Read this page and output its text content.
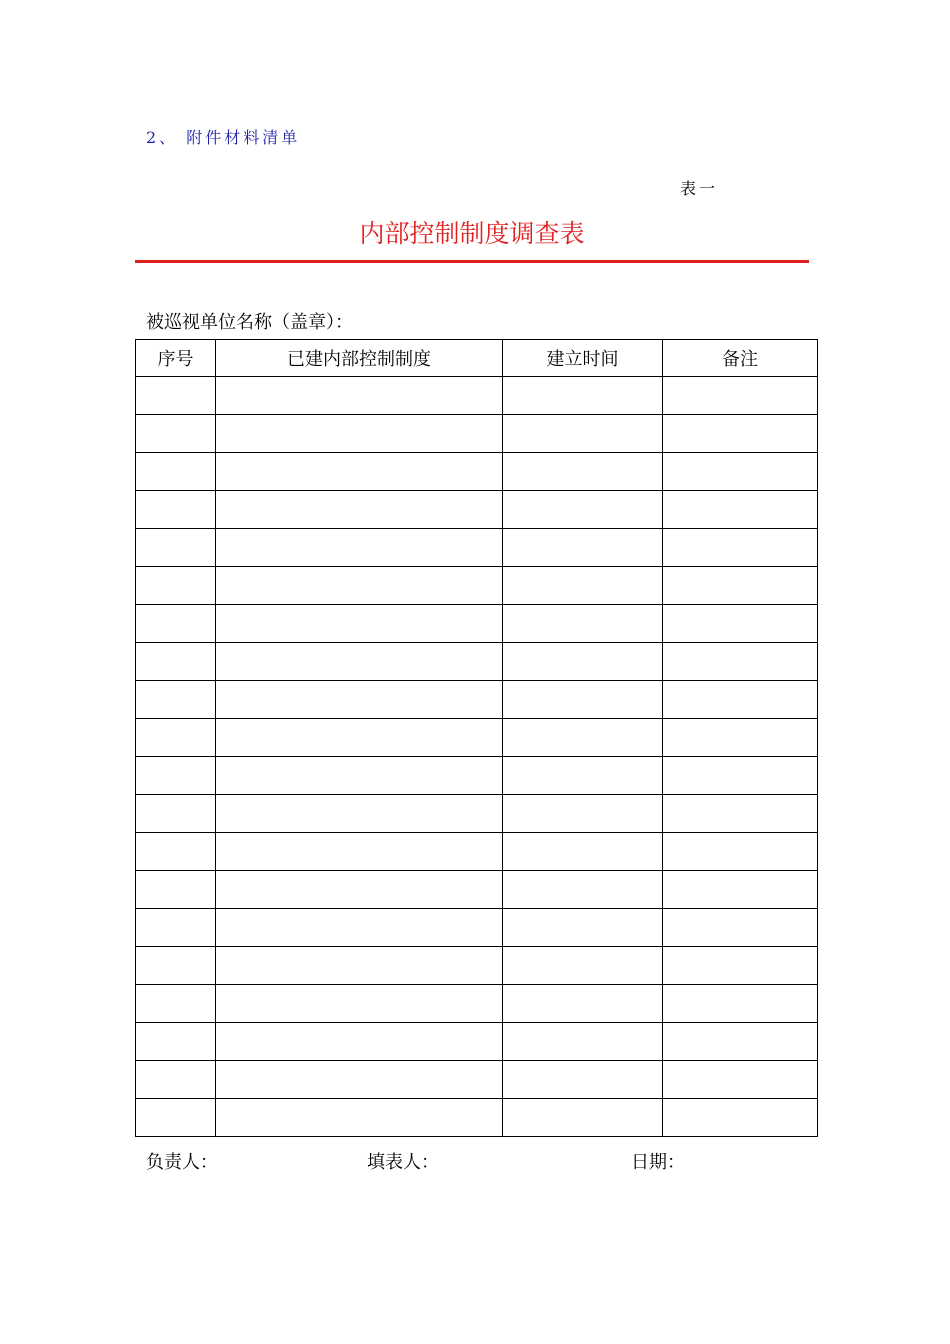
2、 附件材料清单
表一
内部控制制度调查表
被巡视单位名称（盖章）：
序号	已建内部控制制度	建立时间	备注

负责人：	填表人：	日期：
